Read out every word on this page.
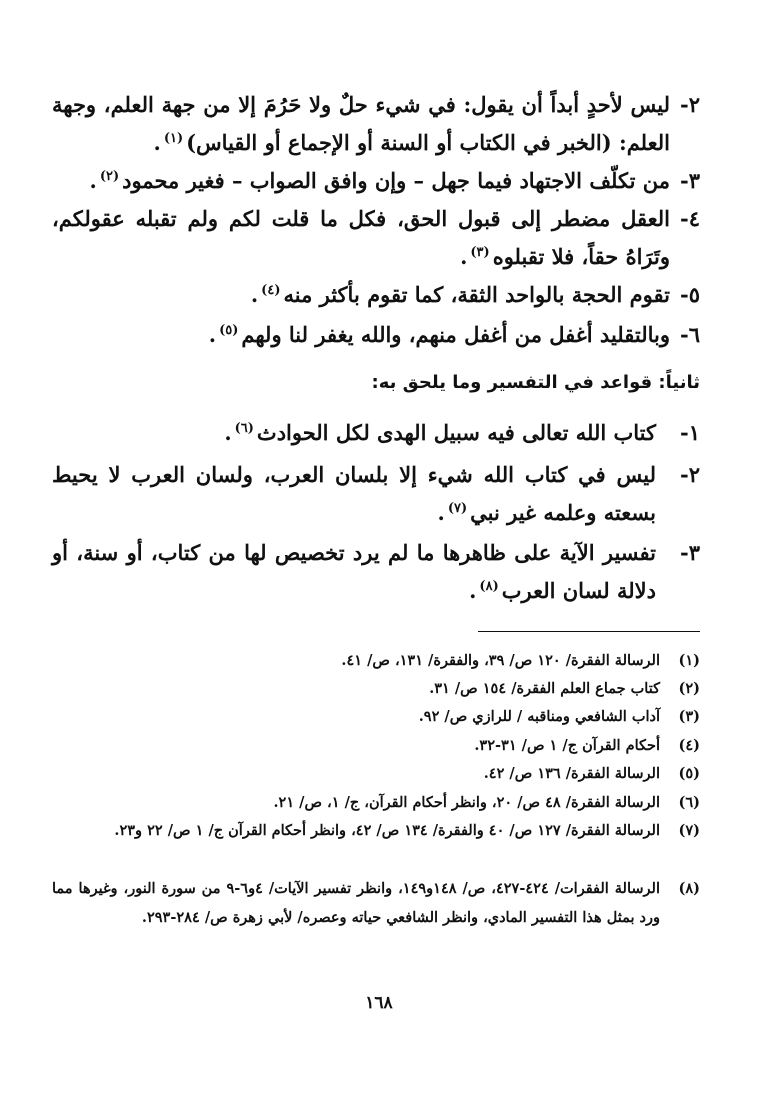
٢-
ليس لأحدٍ أبداً أن يقول: في شيء حلٌ ولا حَرُمَ إلا من جهة العلم، وجهة العلم: (الخبر في الكتاب أو السنة أو الإجماع أو القياس)$^{(١)}$.
٣-
من تكلّف الاجتهاد فيما جهل – وإن وافق الصواب – فغير محمود$^{(٢)}$.
٤-
العقل مضطر إلى قبول الحق، فكل ما قلت لكم ولم تقبله عقولكم، وتَرَاهُ حقاً، فلا تقبلوه$^{(٣)}$.
٥-
تقوم الحجة بالواحد الثقة، كما تقوم بأكثر منه$^{(٤)}$.
٦-
وبالتقليد أغفل من أغفل منهم، والله يغفر لنا ولهم$^{(٥)}$.
ثانياً: قواعد في التفسير وما يلحق به:
١-
كتاب الله تعالى فيه سبيل الهدى لكل الحوادث$^{(٦)}$.
٢-
ليس في كتاب الله شيء إلا بلسان العرب، ولسان العرب لا يحيط بسعته وعلمه غير نبي$^{(٧)}$.
٣-
تفسير الآية على ظاهرها ما لم يرد تخصيص لها من كتاب، أو سنة، أو دلالة لسان العرب$^{(٨)}$.
(١)
الرسالة الفقرة/ ١٢٠ ص/ ٣٩، والفقرة/ ١٣١، ص/ ٤١.
(٢)
كتاب جماع العلم الفقرة/ ١٥٤ ص/ ٣١.
(٣)
آداب الشافعي ومناقبه / للرازي ص/ ٩٢.
(٤)
أحكام القرآن ج/ ١ ص/ ٣١-٣٢.
(٥)
الرسالة الفقرة/ ١٣٦ ص/ ٤٢.
(٦)
الرسالة الفقرة/ ٤٨ ص/ ٢٠، وانظر أحكام القرآن، ج/ ١، ص/ ٢١.
(٧)
الرسالة الفقرة/ ١٢٧ ص/ ٤٠ والفقرة/ ١٣٤ ص/ ٤٢، وانظر أحكام القرآن ج/ ١ ص/ ٢٢ و٢٣.
(٨)
الرسالة الفقرات/ ٤٢٤-٤٢٧، ص/ ١٤٨و١٤٩، وانظر تفسير الآيات/ ٤و٦-٩ من سورة النور، وغيرها مما ورد بمثل هذا التفسير المادي، وانظر الشافعي حياته وعصره/ لأبي زهرة ص/ ٢٨٤-٢٩٣.
١٦٨
